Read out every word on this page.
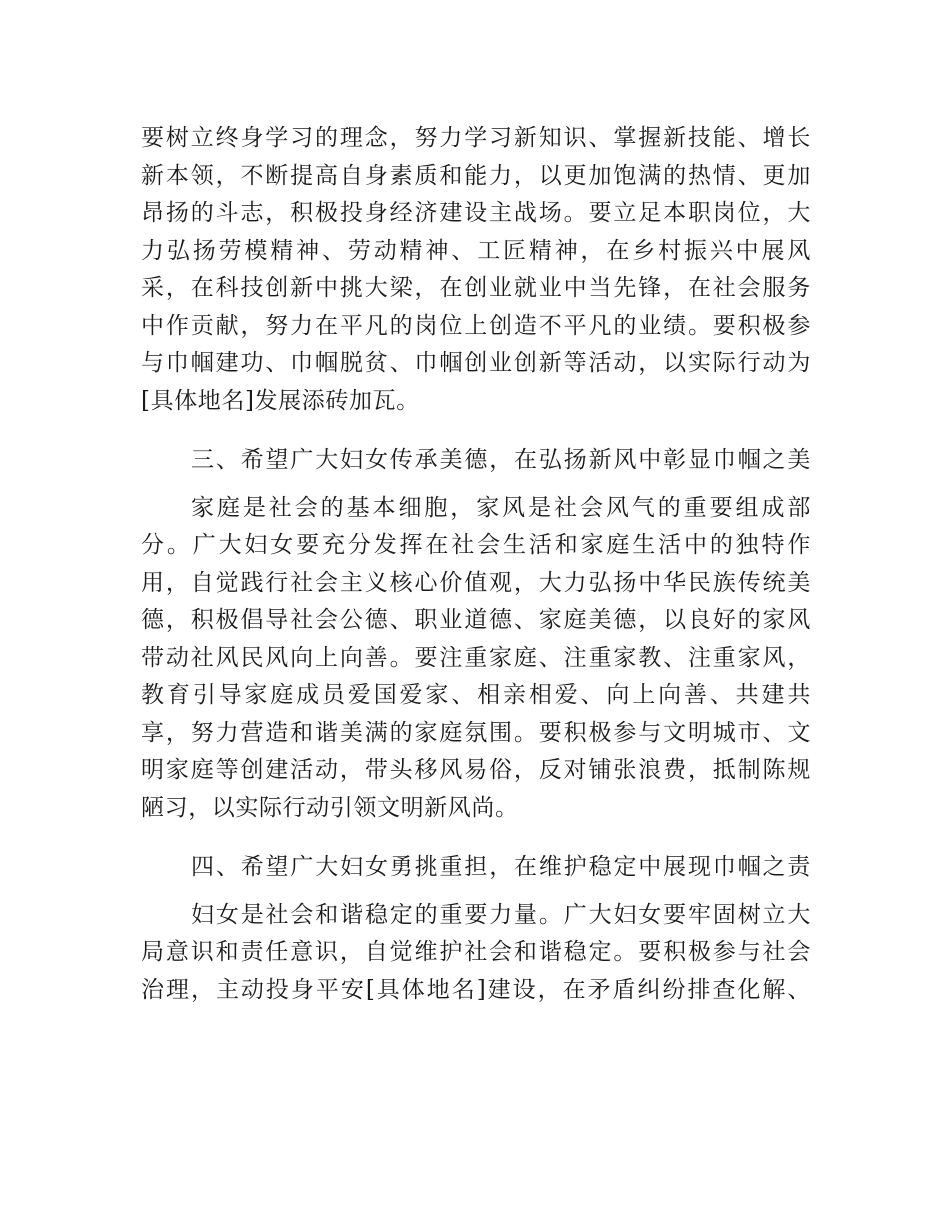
要树立终身学习的理念，努力学习新知识、掌握新技能、增长
新本领，不断提高自身素质和能力，以更加饱满的热情、更加
昂扬的斗志，积极投身经济建设主战场。要立足本职岗位，大
力弘扬劳模精神、劳动精神、工匠精神，在乡村振兴中展风
采，在科技创新中挑大梁，在创业就业中当先锋，在社会服务
中作贡献，努力在平凡的岗位上创造不平凡的业绩。要积极参
与巾帼建功、巾帼脱贫、巾帼创业创新等活动，以实际行动为
[具体地名]发展添砖加瓦。
三、希望广大妇女传承美德，在弘扬新风中彰显巾帼之美
家庭是社会的基本细胞，家风是社会风气的重要组成部
分。广大妇女要充分发挥在社会生活和家庭生活中的独特作
用，自觉践行社会主义核心价值观，大力弘扬中华民族传统美
德，积极倡导社会公德、职业道德、家庭美德，以良好的家风
带动社风民风向上向善。要注重家庭、注重家教、注重家风，
教育引导家庭成员爱国爱家、相亲相爱、向上向善、共建共
享，努力营造和谐美满的家庭氛围。要积极参与文明城市、文
明家庭等创建活动，带头移风易俗，反对铺张浪费，抵制陈规
陋习，以实际行动引领文明新风尚。
四、希望广大妇女勇挑重担，在维护稳定中展现巾帼之责
妇女是社会和谐稳定的重要力量。广大妇女要牢固树立大
局意识和责任意识，自觉维护社会和谐稳定。要积极参与社会
治理，主动投身平安[具体地名]建设，在矛盾纠纷排查化解、
